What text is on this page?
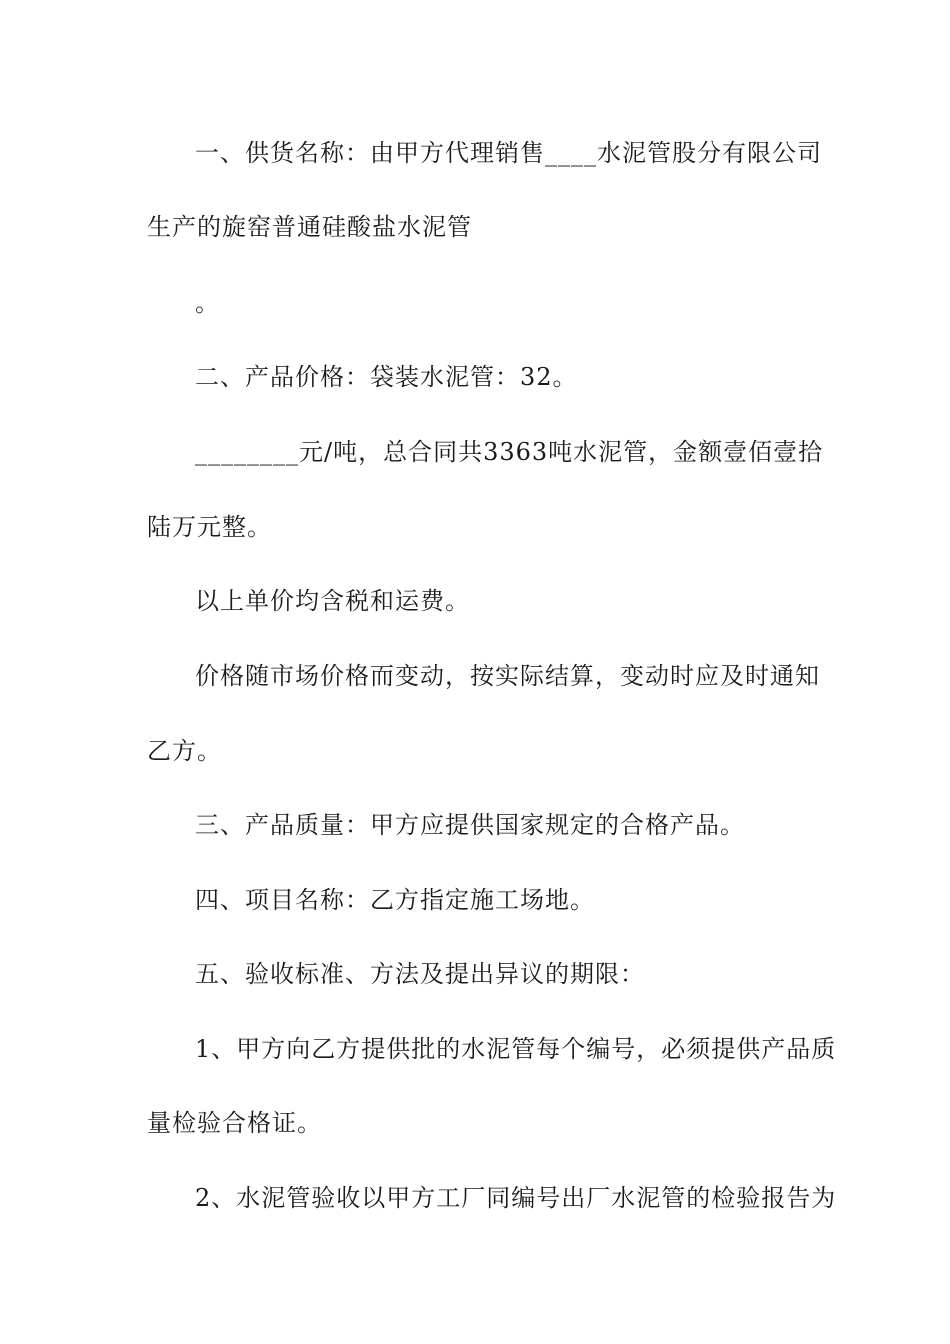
一、供货名称：由甲方代理销售____水泥管股分有限公司
生产的旋窑普通硅酸盐水泥管
。
二、产品价格：袋装水泥管：32。
________元/吨，总合同共3363吨水泥管，金额壹佰壹拾
陆万元整。
以上单价均含税和运费。
价格随市场价格而变动，按实际结算，变动时应及时通知
乙方。
三、产品质量：甲方应提供国家规定的合格产品。
四、项目名称：乙方指定施工场地。
五、验收标准、方法及提出异议的期限：
1、甲方向乙方提供批的水泥管每个编号，必须提供产品质
量检验合格证。
2、水泥管验收以甲方工厂同编号出厂水泥管的检验报告为
